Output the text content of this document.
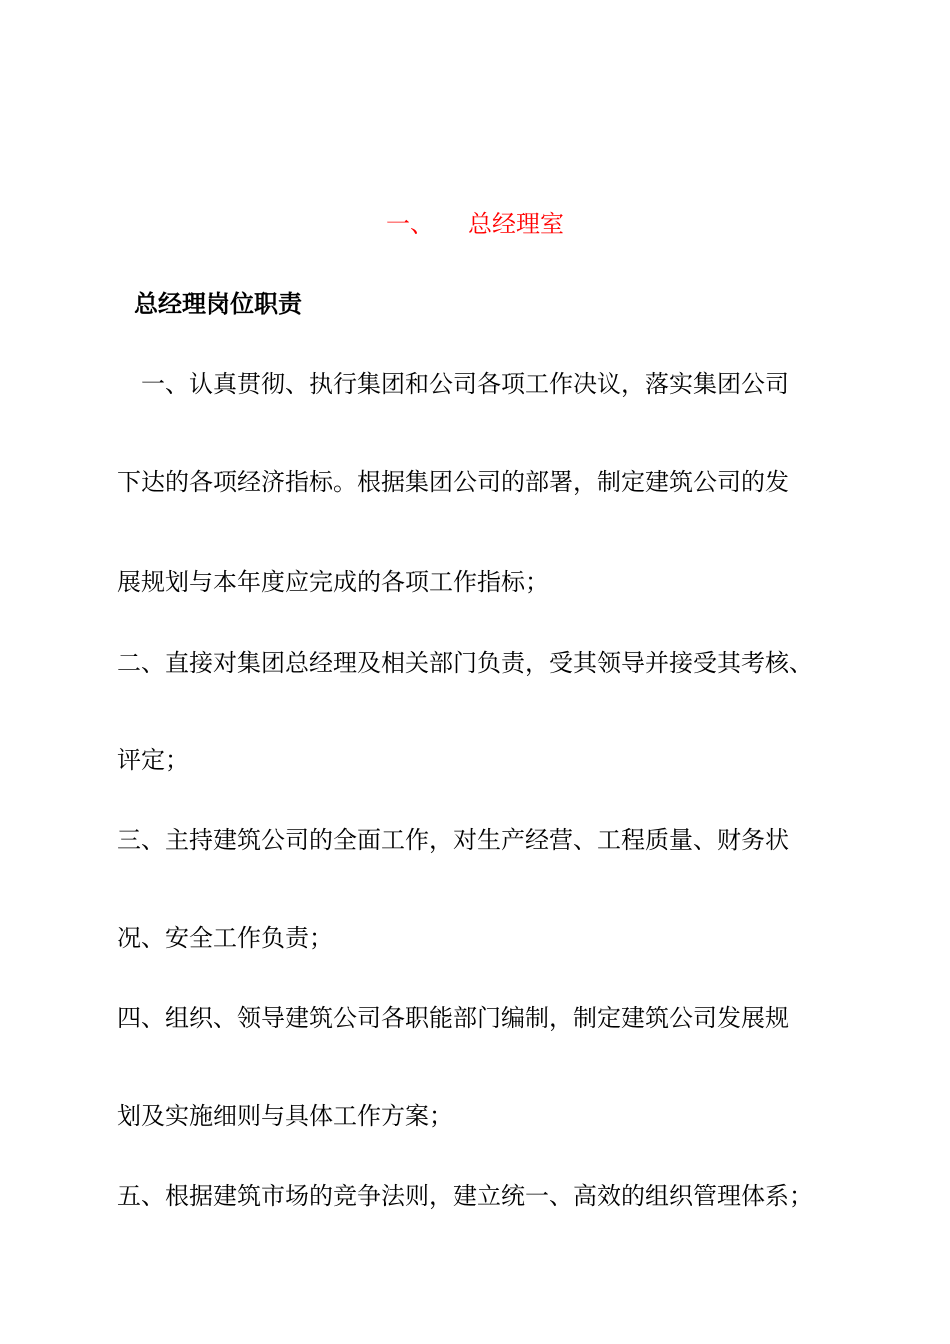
一、 总经理室
总经理岗位职责
一、认真贯彻、执行集团和公司各项工作决议，落实集团公司
下达的各项经济指标。根据集团公司的部署，制定建筑公司的发
展规划与本年度应完成的各项工作指标；
二、直接对集团总经理及相关部门负责，受其领导并接受其考核、
评定；
三、主持建筑公司的全面工作，对生产经营、工程质量、财务状
况、安全工作负责；
四、组织、领导建筑公司各职能部门编制，制定建筑公司发展规
划及实施细则与具体工作方案；
五、根据建筑市场的竞争法则，建立统一、高效的组织管理体系；
